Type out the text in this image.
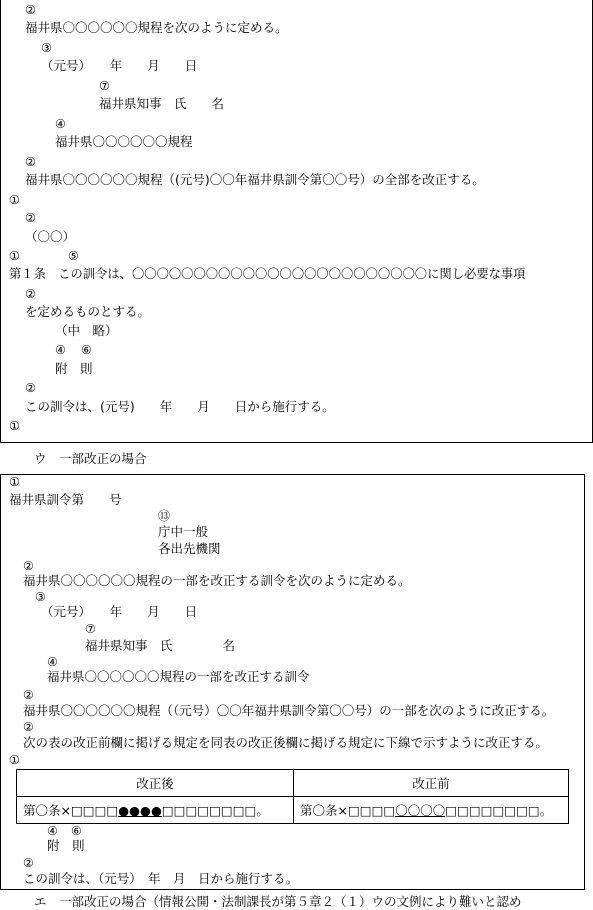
②
福井県〇〇〇〇〇〇規程を次のように定める。
③
（元号）　　年　　月　　日
⑦
福井県知事　氏　　名
④
福井県〇〇〇〇〇〇規程
②
福井県〇〇〇〇〇〇規程（(元号)〇〇年福井県訓令第〇〇号）の全部を改正する。
①
②
（〇〇）
①	⑤
第１条　この訓令は、〇〇〇〇〇〇〇〇〇〇〇〇〇〇〇〇〇〇〇〇〇〇〇〇に関し必要な事項
②
を定めるものとする。
（中　略）
④ ⑥
附　則
②
この訓令は、(元号)　　年　　月　　日から施行する。
①
ウ　一部改正の場合
①
福井県訓令第　　号
⑬
庁中一般
各出先機関
②
福井県〇〇〇〇〇〇規程の一部を改正する訓令を次のように定める。
③
（元号）　　年　　月　　日
⑦
福井県知事　氏　　　　名
④
福井県〇〇〇〇〇〇規程の一部を改正する訓令
②
福井県〇〇〇〇〇〇規程（（元号）〇〇年福井県訓令第〇〇号）の一部を次のように改正する。
②
次の表の改正前欄に掲げる規定を同表の改正後欄に掲げる規定に下線で示すように改正する。
①
改正後	改正前
第〇条×□□□□●●●●□□□□□□□□。	第〇条×□□□□〇〇〇〇□□□□□□□□。
④ ⑥
附　則
②
この訓令は、（元号）　年　月　日から施行する。
エ　一部改正の場合（情報公開・法制課長が第５章２（１）ウの文例により難いと認め
